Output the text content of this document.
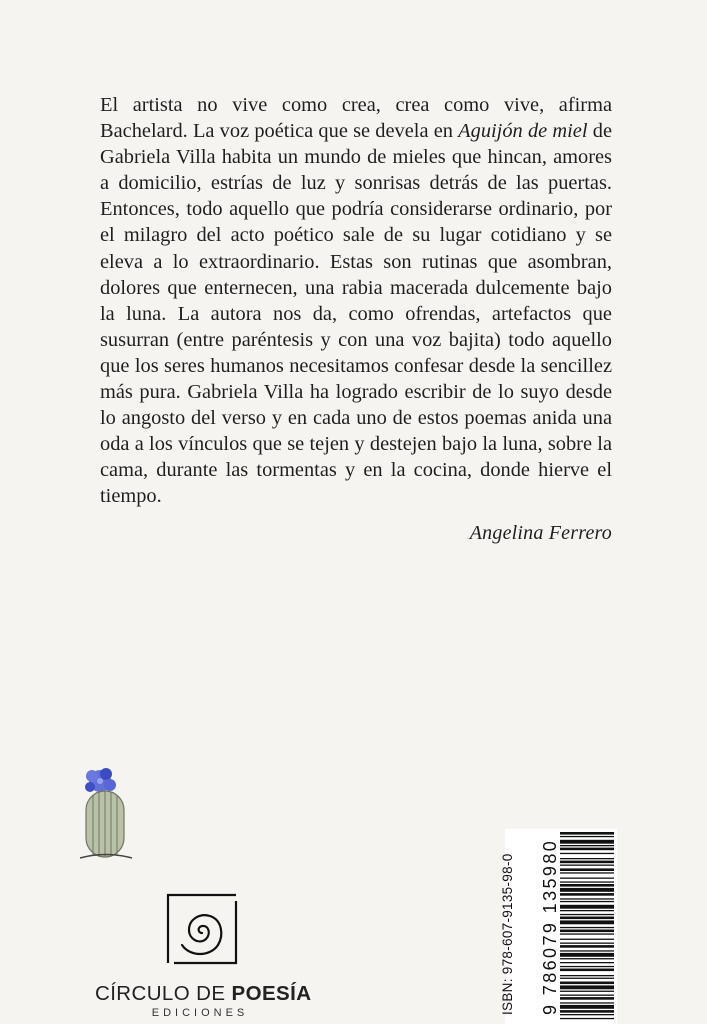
El artista no vive como crea, crea como vive, afirma Bachelard. La voz poética que se devela en Aguijón de miel de Gabriela Villa habita un mundo de mieles que hincan, amores a domicilio, estrías de luz y sonrisas detrás de las puertas. Entonces, todo aquello que podría considerarse ordinario, por el milagro del acto poético sale de su lugar cotidiano y se eleva a lo extraordinario. Estas son rutinas que asombran, dolores que enternecen, una rabia macerada dulcemente bajo la luna. La autora nos da, como ofrendas, artefactos que susurran (entre paréntesis y con una voz bajita) todo aquello que los seres humanos necesitamos confesar desde la sencillez más pura. Gabriela Villa ha logrado escribir de lo suyo desde lo angosto del verso y en cada uno de estos poemas anida una oda a los vínculos que se tejen y destejen bajo la luna, sobre la cama, durante las tormentas y en la cocina, donde hierve el tiempo.
Angelina Ferrero
CÍRCULO DE POESÍA
EDICIONES	ISBN: 978-607-9135-98-0 9 786079 135980
